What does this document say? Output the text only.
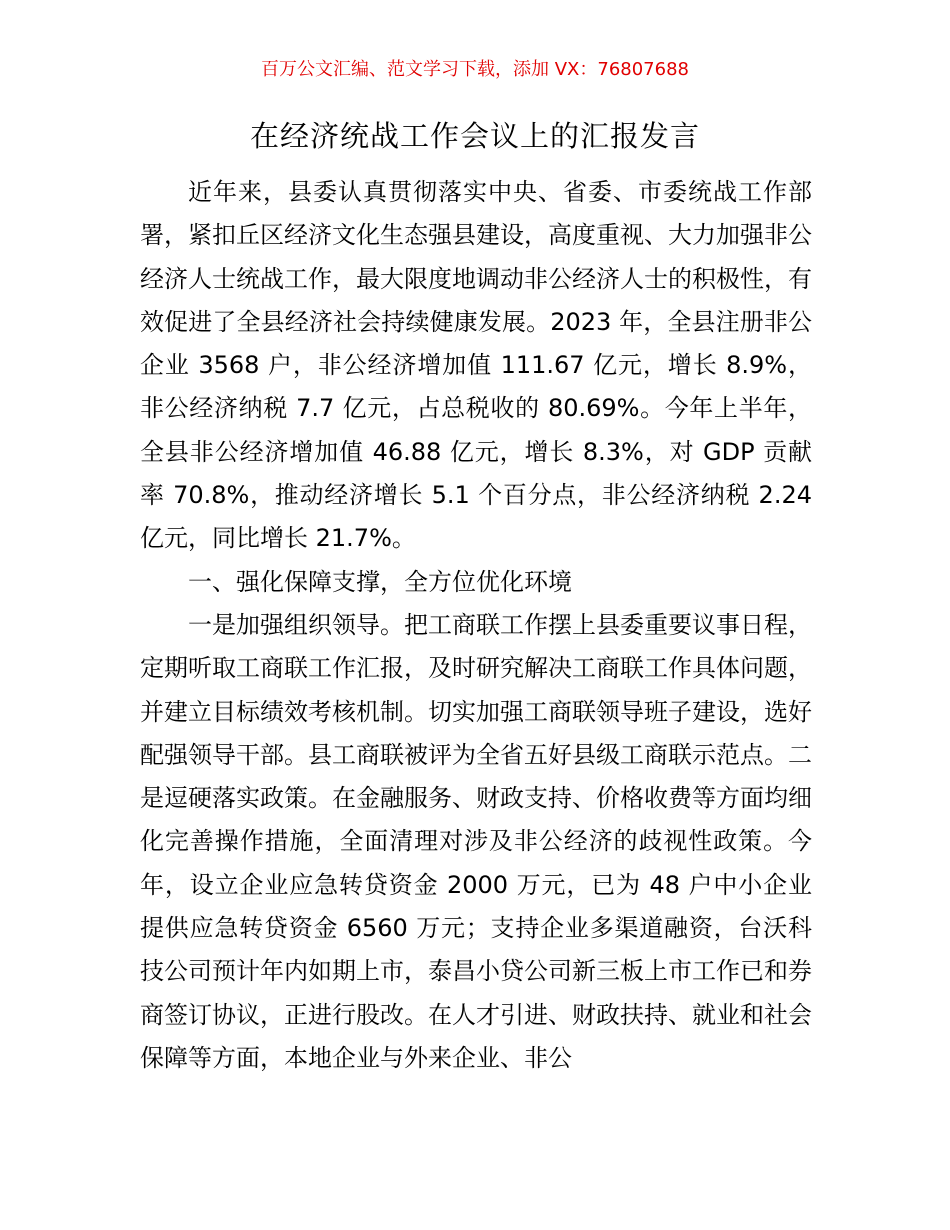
百万公文汇编、范文学习下载，添加 VX：76807688
在经济统战工作会议上的汇报发言

近年来，县委认真贯彻落实中央、省委、市委统战工作部署，紧扣丘区经济文化生态强县建设，高度重视、大力加强非公经济人士统战工作，最大限度地调动非公经济人士的积极性，有效促进了全县经济社会持续健康发展。2023 年，全县注册非公企业 3568 户，非公经济增加值 111.67 亿元，增长 8.9%，非公经济纳税 7.7 亿元，占总税收的 80.69%。今年上半年，全县非公经济增加值 46.88 亿元，增长 8.3%，对 GDP 贡献率 70.8%，推动经济增长 5.1 个百分点，非公经济纳税 2.24 亿元，同比增长 21.7%。

一、强化保障支撑，全方位优化环境

一是加强组织领导。把工商联工作摆上县委重要议事日程，定期听取工商联工作汇报，及时研究解决工商联工作具体问题，并建立目标绩效考核机制。切实加强工商联领导班子建设，选好配强领导干部。县工商联被评为全省五好县级工商联示范点。二是逗硬落实政策。在金融服务、财政支持、价格收费等方面均细化完善操作措施，全面清理对涉及非公经济的歧视性政策。今年，设立企业应急转贷资金 2000 万元，已为 48 户中小企业提供应急转贷资金 6560 万元；支持企业多渠道融资，台沃科技公司预计年内如期上市，泰昌小贷公司新三板上市工作已和券商签订协议，正进行股改。在人才引进、财政扶持、就业和社会保障等方面，本地企业与外来企业、非公
